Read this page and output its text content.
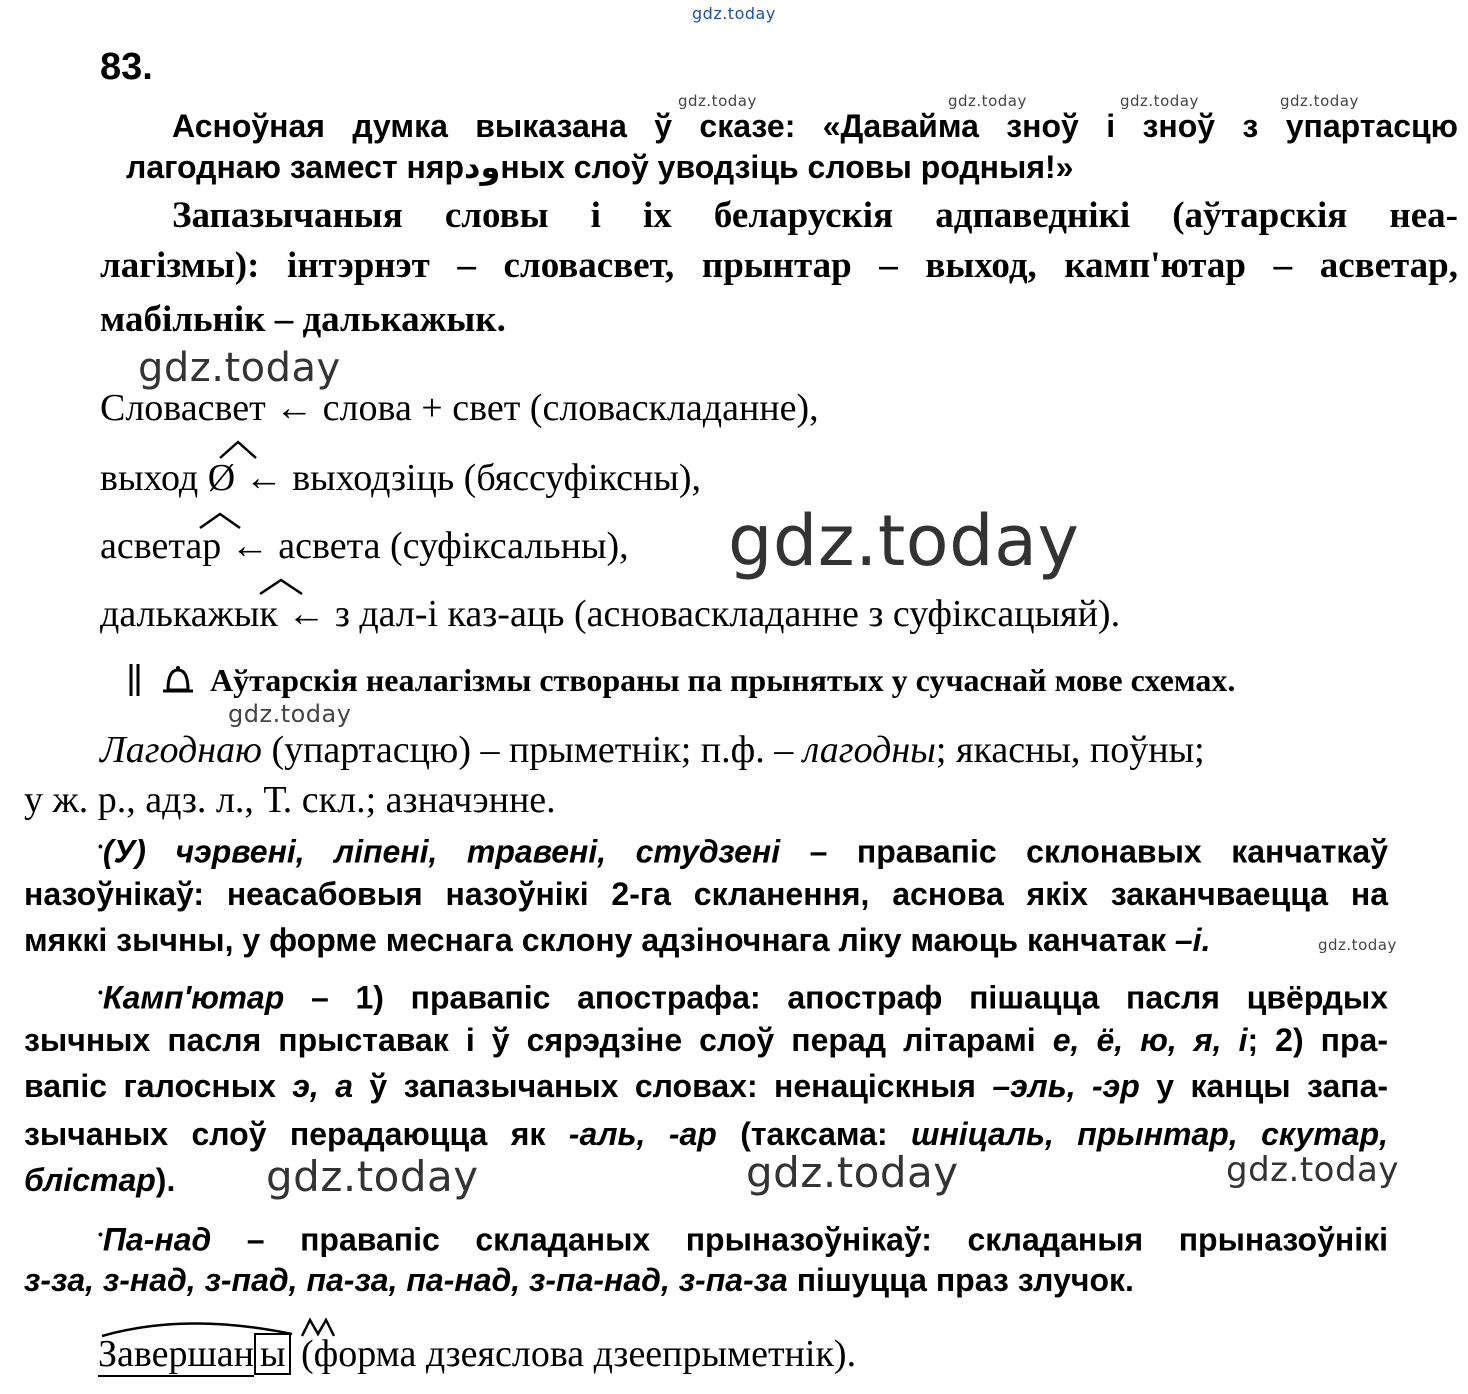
gdz.today
gdz.today	gdz.today	gdz.today	gdz.today
gdz.today
gdz.today
gdz.today
gdz.today
gdz.today	gdz.today	gdz.today
83.
Асноўная думка выказана ў сказе: «Давайма зноў і зноў з упартасцю
лагоднаю замест нярودных слоў уводзіць словы родныя!»
Запазычаныя словы і іх беларускія адпаведнікі (аўтарскія неа-
лагізмы): інтэрнэт – словасвет, прынтар – выход, камп'ютар – асветар,
мабільнік – далькажык.
Словасвет ← слова + свет (словаскладанне),
выход Ø ← выходзіць (бяссуфіксны),
асветар ← асвета (суфіксальны),
далькажык ← з дал-і каз-аць (асноваскладанне з суфіксацыяй).
Аўтарскія неалагізмы створаны па прынятых у сучаснай мове схемах.
Лагоднаю (упартасцю) – прыметнік; п.ф. – лагодны; якасны, поўны;
у ж. р., адз. л., Т. скл.; азначэнне.
•(У) чэрвені, ліпені, травені, студзені – правапіс склонавых канчаткаў
назоўнікаў: неасабовыя назоўнікі 2-га скланення, аснова якіх заканчваецца на
мяккі зычны, у форме меснага склону адзіночнага ліку маюць канчатак –і.
•Камп'ютар – 1) правапіс апострафа: апостраф пішацца пасля цвёрдых
зычных пасля прыставак і ў сярэдзіне слоў перад літарамі е, ё, ю, я, і; 2) пра-
вапіс галосных э, а ў запазычаных словах: ненаціскныя –эль, -эр у канцы запа-
зычаных слоў перадаюцца як -аль, -ар (таксама: шніцаль, прынтар, скутар,
блістар).
•Па-над – правапіс складаных прыназоўнікаў: складаныя прыназоўнікі
з-за, з-над, з-пад, па-за, па-над, з-па-над, з-па-за пішуцца праз злучок.
Завершан ы (форма дзеяслова дзеепрыметнік).
